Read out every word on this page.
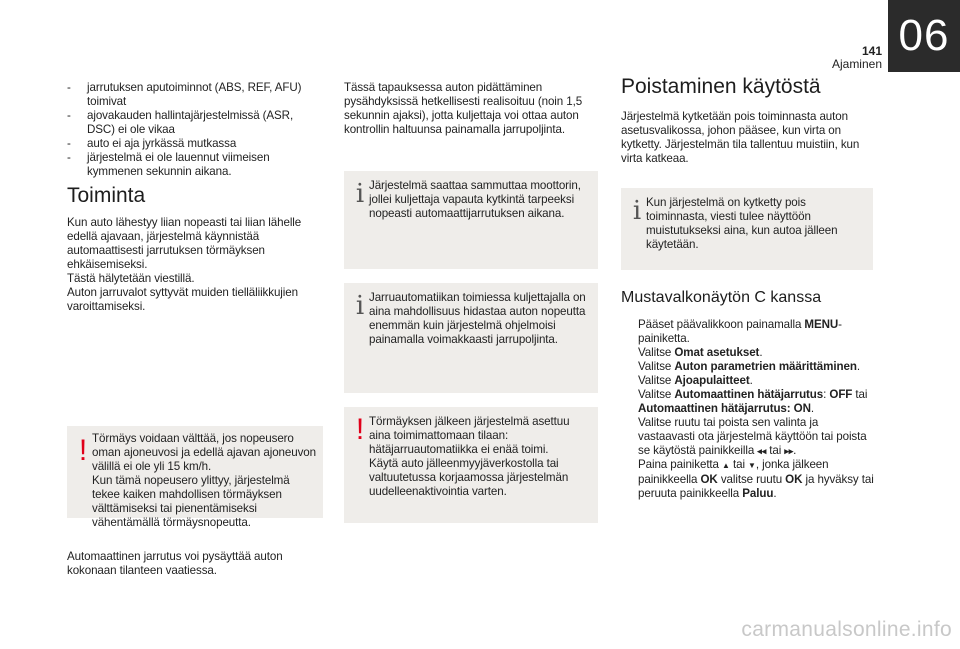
141
Ajaminen
06
- jarrutuksen aputoiminnot (ABS, REF, AFU) toimivat
- ajovakauden hallintajärjestelmissä (ASR, DSC) ei ole vikaa
- auto ei aja jyrkässä mutkassa
- järjestelmä ei ole lauennut viimeisen kymmenen sekunnin aikana.
Toiminta
Kun auto lähestyy liian nopeasti tai liian lähelle edellä ajavaan, järjestelmä käynnistää automaattisesti jarrutuksen törmäyksen ehkäisemiseksi.
Tästä hälytetään viestillä.
Auton jarruvalot syttyvät muiden tielläliikkujien varoittamiseksi.
! Törmäys voidaan välttää, jos nopeusero oman ajoneuvosi ja edellä ajavan ajoneuvon välillä ei ole yli 15 km/h.
Kun tämä nopeusero ylittyy, järjestelmä tekee kaiken mahdollisen törmäyksen välttämiseksi tai pienentämiseksi vähentämällä törmäysnopeutta.
Automaattinen jarrutus voi pysäyttää auton kokonaan tilanteen vaatiessa.
Tässä tapauksessa auton pidättäminen pysähdyksissä hetkellisesti realisoituu (noin 1,5 sekunnin ajaksi), jotta kuljettaja voi ottaa auton kontrollin haltuunsa painamalla jarrupoljinta.
i Järjestelmä saattaa sammuttaa moottorin, jollei kuljettaja vapauta kytkintä tarpeeksi nopeasti automaattijarrutuksen aikana.
i Jarruautomatiikan toimiessa kuljettajalla on aina mahdollisuus hidastaa auton nopeutta enemmän kuin järjestelmä ohjelmoisi painamalla voimakkaasti jarrupoljinta.
! Törmäyksen jälkeen järjestelmä asettuu aina toimimattomaan tilaan: hätäjarruautomatiikka ei enää toimi.
Käytä auto jälleenmyyjäverkostolla tai valtuutetussa korjaamossa järjestelmän uudelleenaktivointia varten.
Poistaminen käytöstä
Järjestelmä kytketään pois toiminnasta auton asetusvalikossa, johon pääsee, kun virta on kytketty. Järjestelmän tila tallentuu muistiin, kun virta katkeaa.
i Kun järjestelmä on kytketty pois toiminnasta, viesti tulee näyttöön muistutukseksi aina, kun autoa jälleen käytetään.
Mustavalkonäytön C kanssa
Pääset päävalikkoon painamalla MENU-painiketta.
Valitse Omat asetukset.
Valitse Auton parametrien määrittäminen.
Valitse Ajoapulaitteet.
Valitse Automaattinen hätäjarrutus: OFF tai
Automaattinen hätäjarrutus: ON.
Valitse ruutu tai poista sen valinta ja vastaavasti ota järjestelmä käyttöön tai poista se käytöstä painikkeilla ◂◂ tai ▸▸.
Paina painiketta ▲ tai ▼, jonka jälkeen painikkeella OK valitse ruutu OK ja hyväksy tai peruuta painikkeella Paluu.
carmanualsonline.info
